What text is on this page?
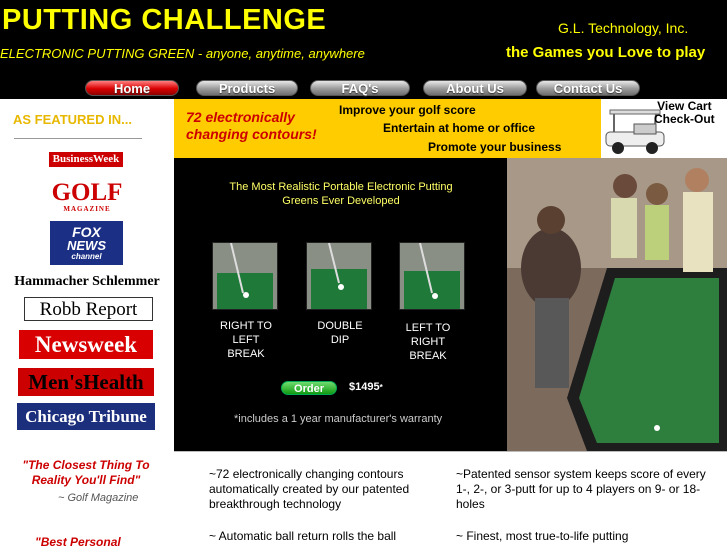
PUTTING CHALLENGE	G.L. Technology, Inc.
ELECTRONIC PUTTING GREEN - anyone, anytime, anywhere	the Games you Love to play
Home	Products	FAQ's	About Us	Contact Us
AS FEATURED IN...
BusinessWeek
GOLF
MAGAZINE
FOX
NEWS
channel
Hammacher Schlemmer
Robb Report
Newsweek
Men'sHealth
Chicago Tribune
"The Closest Thing To Reality You'll Find"
~ Golf Magazine
"Best Personal
72 electronically changing contours!
Improve your golf score
Entertain at home or office
Promote your business
View Cart
Check-Out
The Most Realistic Portable Electronic Putting Greens Ever Developed
RIGHT TO LEFT BREAK
DOUBLE DIP
LEFT TO RIGHT BREAK
Order	$1495*
*includes a 1 year manufacturer's warranty
~72 electronically changing contours automatically created by our patented breakthrough technology
~Patented sensor system keeps score of every 1-, 2-, or 3-putt for up to 4 players on 9- or 18-holes
~ Automatic ball return rolls the ball	~ Finest, most true-to-life putting
